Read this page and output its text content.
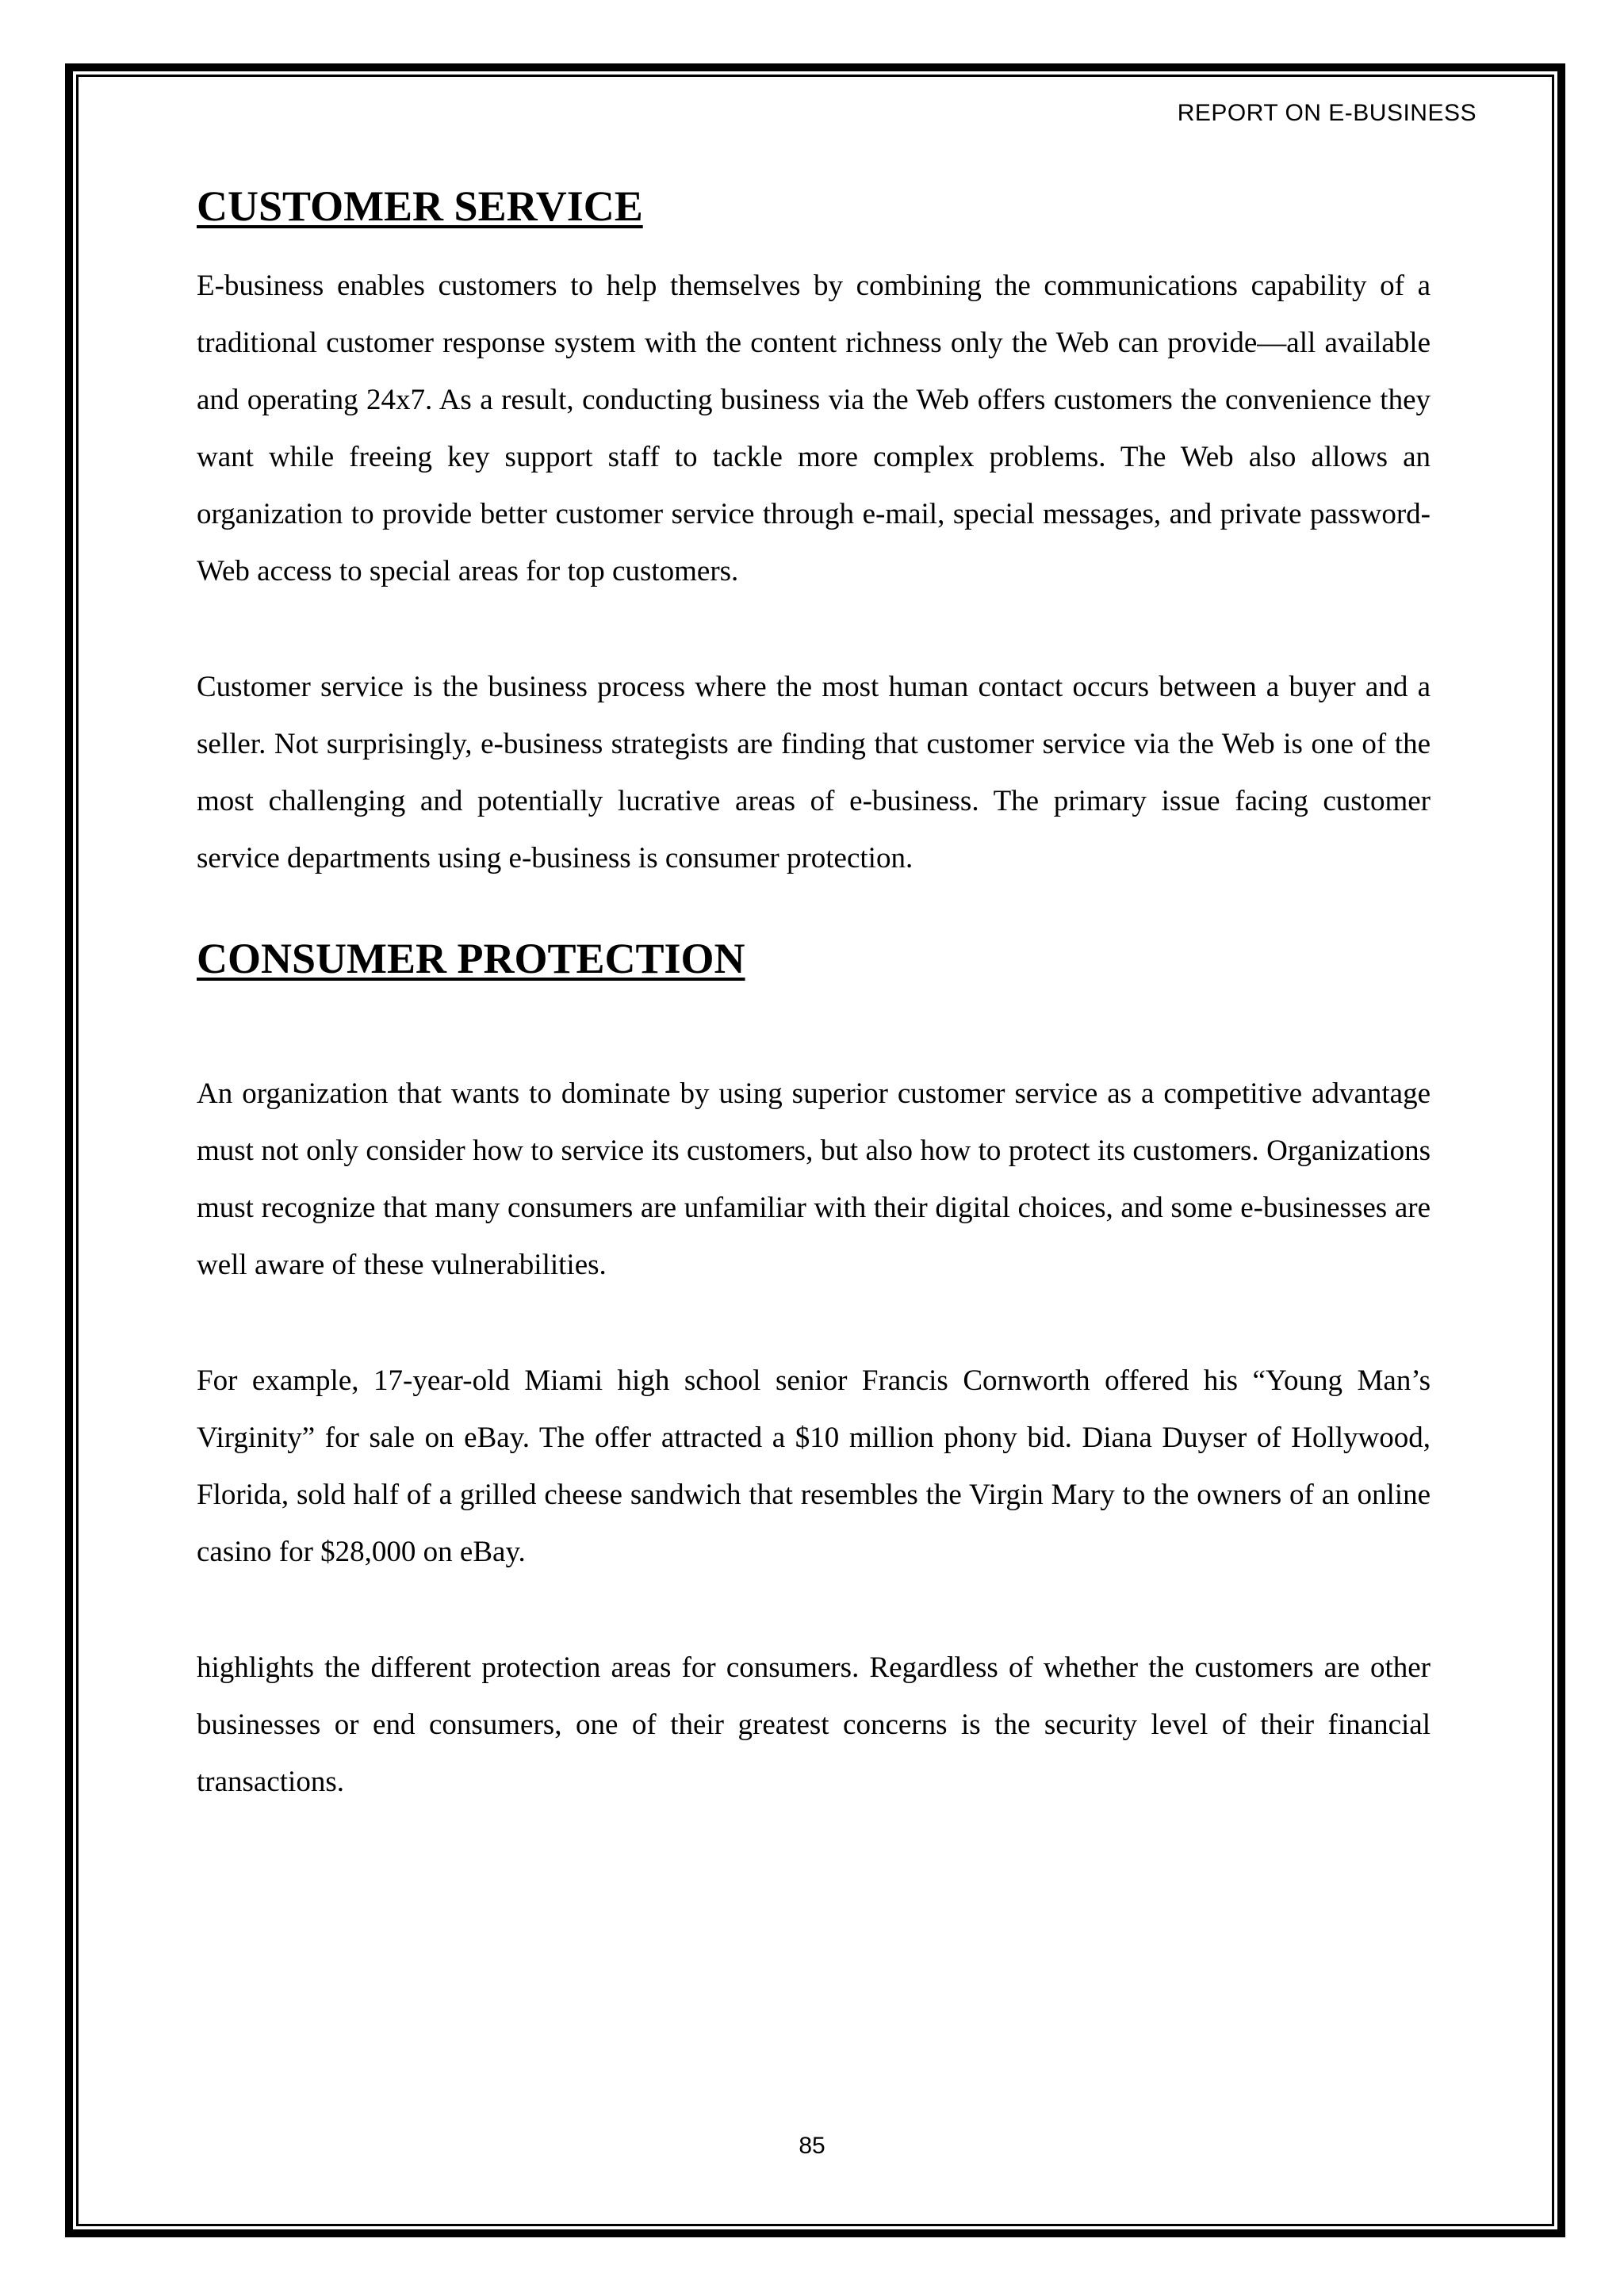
REPORT ON E-BUSINESS
CUSTOMER SERVICE

E-business enables customers to help themselves by combining the communications capability of a traditional customer response system with the content richness only the Web can provide—all available and operating 24x7. As a result, conducting business via the Web offers customers the convenience they want while freeing key support staff to tackle more complex problems. The Web also allows an organization to provide better customer service through e-mail, special messages, and private password-Web access to special areas for top customers.

Customer service is the business process where the most human contact occurs between a buyer and a seller. Not surprisingly, e-business strategists are finding that customer service via the Web is one of the most challenging and potentially lucrative areas of e-business. The primary issue facing customer service departments using e-business is consumer protection.

CONSUMER PROTECTION

An organization that wants to dominate by using superior customer service as a competitive advantage must not only consider how to service its customers, but also how to protect its customers. Organizations must recognize that many consumers are unfamiliar with their digital choices, and some e-businesses are well aware of these vulnerabilities.

For example, 17-year-old Miami high school senior Francis Cornworth offered his “Young Man’s Virginity” for sale on eBay. The offer attracted a $10 million phony bid. Diana Duyser of Hollywood, Florida, sold half of a grilled cheese sandwich that resembles the Virgin Mary to the owners of an online casino for $28,000 on eBay.

highlights the different protection areas for consumers. Regardless of whether the customers are other businesses or end consumers, one of their greatest concerns is the security level of their financial transactions.

85
